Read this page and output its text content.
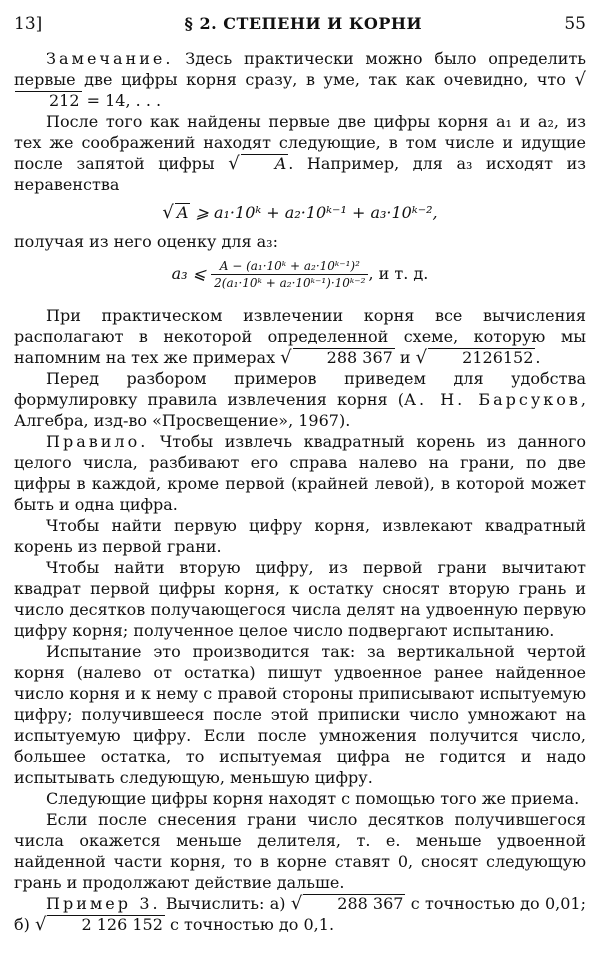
13]	§ 2. СТЕПЕНИ И КОРНИ	55

Замечание. Здесь практически можно было определить первые две цифры корня сразу, в уме, так как очевидно, что √212 = 14, . . .

После того как найдены первые две цифры корня a₁ и a₂, из тех же соображений находят следующие, в том числе и идущие после запятой цифры √ A . Например, для a₃ исходят из неравенства

√ A ⩾ a₁·10ᵏ + a₂·10ᵏ⁻¹ + a₃·10ᵏ⁻²,

получая из него оценку для a₃:

a₃ ⩽ $\frac{\text{A − (a₁·10ᵏ + a₂·10ᵏ⁻¹)²}}{\text{2(a₁·10ᵏ + a₂·10ᵏ⁻¹)·10ᵏ⁻²}}$ , и т. д.

При практическом извлечении корня все вычисления располагают в некоторой определенной схеме, которую мы напомним на тех же примерах √ 288 367 и √ 2126152 .

Перед разбором примеров приведем для удобства формулировку правила извлечения корня (А. Н. Барсуков, Алгебра, изд-во «Просвещение», 1967).

Правило. Чтобы извлечь квадратный корень из данного целого числа, разбивают его справа налево на грани, по две цифры в каждой, кроме первой (крайней левой), в которой может быть и одна цифра.

Чтобы найти первую цифру корня, извлекают квадратный корень из первой грани.

Чтобы найти вторую цифру, из первой грани вычитают квадрат первой цифры корня, к остатку сносят вторую грань и число десятков получающегося числа делят на удвоенную первую цифру корня; полученное целое число подвергают испытанию.

Испытание это производится так: за вертикальной чертой корня (налево от остатка) пишут удвоенное ранее найденное число корня и к нему с правой стороны приписывают испытуемую цифру; получившееся после этой приписки число умножают на испытуемую цифру. Если после умножения получится число, большее остатка, то испытуемая цифра не годится и надо испытывать следующую, меньшую цифру.

Следующие цифры корня находят с помощью того же приема.

Если после снесения грани число десятков получившегося числа окажется меньше делителя, т. е. меньше удвоенной найденной части корня, то в корне ставят 0, сносят следующую грань и продолжают действие дальше.

Пример 3. Вычислить: а) √ 288 367 с точностью до 0,01; б) √ 2 126 152 с точностью до 0,1.
